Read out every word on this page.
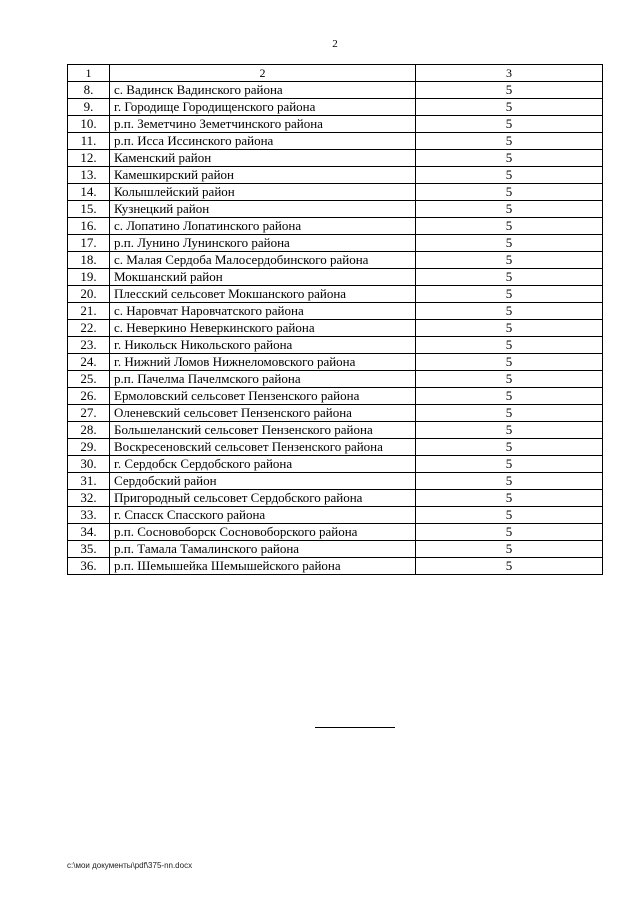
2
1	2	3
8.	с. Вадинск Вадинского района	5
9.	г. Городище Городищенского района	5
10.	р.п. Земетчино Земетчинского района	5
11.	р.п. Исса Иссинского района	5
12.	Каменский район	5
13.	Камешкирский район	5
14.	Колышлейский район	5
15.	Кузнецкий район	5
16.	с. Лопатино Лопатинского района	5
17.	р.п. Лунино Лунинского района	5
18.	с. Малая Сердоба Малосердобинского района	5
19.	Мокшанский район	5
20.	Плесский сельсовет Мокшанского района	5
21.	с. Наровчат Наровчатского района	5
22.	с. Неверкино Неверкинского района	5
23.	г. Никольск Никольского района	5
24.	г. Нижний Ломов Нижнеломовского района	5
25.	р.п. Пачелма Пачелмского района	5
26.	Ермоловский сельсовет Пензенского района	5
27.	Оленевский сельсовет Пензенского района	5
28.	Большеланский сельсовет Пензенского района	5
29.	Воскресеновский сельсовет Пензенского района	5
30.	г. Сердобск Сердобского района	5
31.	Сердобский район	5
32.	Пригородный сельсовет Сердобского района	5
33.	г. Спасск Спасского района	5
34.	р.п. Сосновоборск Сосновоборского района	5
35.	р.п. Тамала Тамалинского района	5
36.	р.п. Шемышейка Шемышейского района	5
c:\мои документы\pdf\375-nn.docx
